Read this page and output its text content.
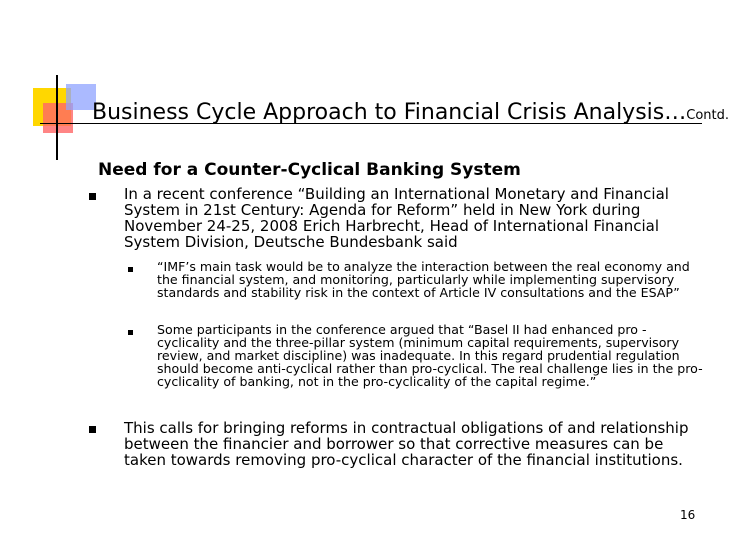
Business Cycle Approach to Financial Crisis Analysis…Contd.
Need for a Counter-Cyclical Banking System
In a recent conference “Building an International Monetary and Financial System in 21st Century: Agenda for Reform” held in New York during November 24-25, 2008 Erich Harbrecht, Head of International Financial System Division, Deutsche Bundesbank said
“IMF’s main task would be to analyze the interaction between the real economy and the financial system, and monitoring, particularly while implementing supervisory standards and stability risk in the context of Article IV consultations and the ESAP”
Some participants in the conference argued that “Basel II had enhanced pro -cyclicality and the three-pillar system (minimum capital requirements, supervisory review, and market discipline) was inadequate. In this regard prudential regulation should become anti-cyclical rather than pro-cyclical. The real challenge lies in the pro-cyclicality of banking, not in the pro-cyclicality of the capital regime.”
This calls for bringing reforms in contractual obligations of and relationship between the financier and borrower so that corrective measures can be taken towards removing pro-cyclical character of the financial institutions.
16
